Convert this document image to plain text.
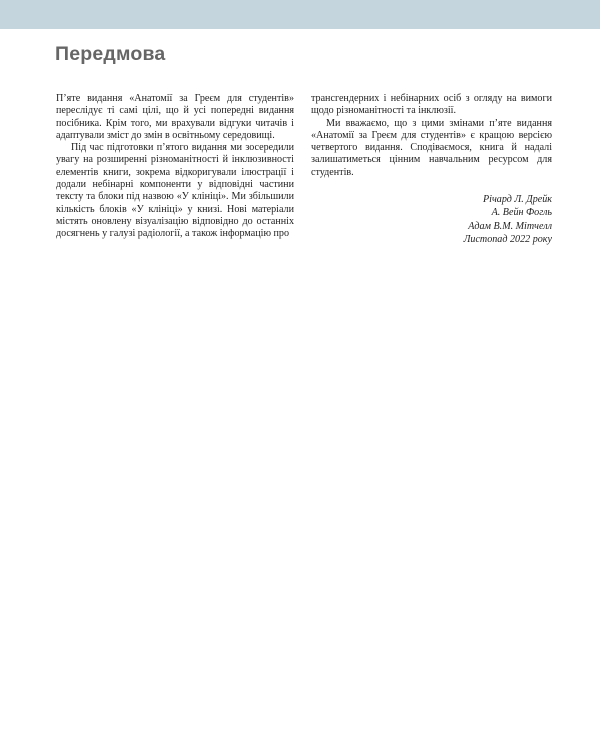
Передмова

П’яте видання «Анатомії за Греєм для студентів» переслідує ті самі цілі, що й усі попередні видання посібника. Крім того, ми врахували відгуки читачів і адаптували зміст до змін в освітньому середовищі.

Під час підготовки п’ятого видання ми зосередили увагу на розширенні різноманітності й інклюзивності елементів книги, зокрема відкоригували ілюстрації і додали небінарні компоненти у відповідні частини тексту та блоки під назвою «У клініці». Ми збільшили кількість блоків «У клініці» у книзі. Нові матеріали містять оновлену візуалізацію відповідно до останніх досягнень у галузі радіології, а також інформацію про

трансгендерних і небінарних осіб з огляду на вимоги щодо різноманітності та інклюзії.

Ми вважаємо, що з цими змінами п’яте видання «Анатомії за Греєм для студентів» є кращою версією четвертого видання. Сподіваємося, книга й надалі залишатиметься цінним навчальним ресурсом для студентів.

Річард Л. Дрейк
А. Вейн Фогль
Адам В.М. Мітчелл
Листопад 2022 року
